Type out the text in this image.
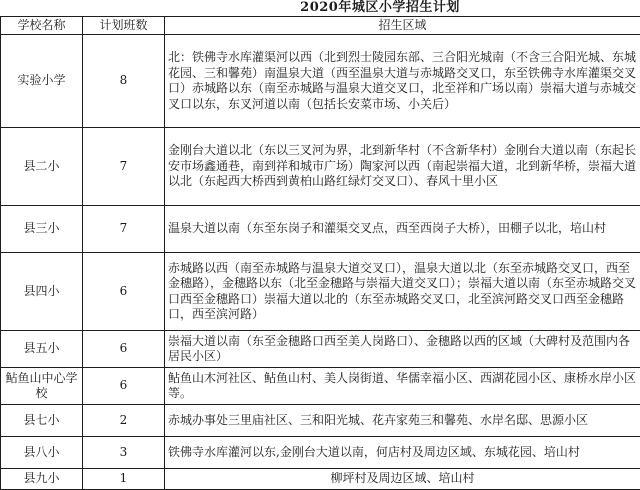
2020年城区小学招生计划
学校名称	计划班数	招生区域
实验小学	8	北：铁佛寺水库灌渠河以西（北到烈士陵园东部、三合阳光城南（不含三合阳光城、东城花园、三和馨苑）南温泉大道（西至温泉大道与赤城路交叉口，东至铁佛寺水库灌渠交叉口）赤城路以东（南至赤城路与温泉大道交叉口，北至祥和广场以南）崇福大道与赤城交叉口以东，东叉河道以南（包括长安菜市场、小关后）
县二小	7	金刚台大道以北（东以三叉河为界，北到新华村（不含新华村）金刚台大道以南（东起长安市场鑫通巷，南到祥和城市广场）陶家河以西（南起崇福大道，北到新华桥，崇福大道以北（东起西大桥西到黄柏山路红绿灯交叉口）、春风十里小区
县三小	7	温泉大道以南（东至东岗子和灌渠交叉点，西至西岗子大桥），田棚子以北，培山村
县四小	6	赤城路以西（南至赤城路与温泉大道交叉口），温泉大道以北（东至赤城路交叉口，西至金穗路），金穗路以东（北至金穗路与崇福大道交叉口）；崇福大道以南（东至赤城路交叉口西至金穗路口）崇福大道以北的（东至赤城路交叉口，北至滨河路交叉口西至金穗路口，西至滨河路）
县五小	6	崇福大道以南（东至金穗路口西至美人岗路口）、金穗路以西的区域（大碑村及范围内各居民小区）
鲇鱼山中心学校	6	鲇鱼山木河社区、鲇鱼山村、美人岗街道、华儒幸福小区、西湖花园小区、康桥水岸小区等。
县七小	2	赤城办事处三里庙社区、三和阳光城、花卉家苑三和馨苑、水岸名邸、思源小区
县八小	3	铁佛寺水库灌河以东,金刚台大道以南，何店村及周边区域、东城花园、培山村
县九小	1	柳坪村及周边区域、培山村
